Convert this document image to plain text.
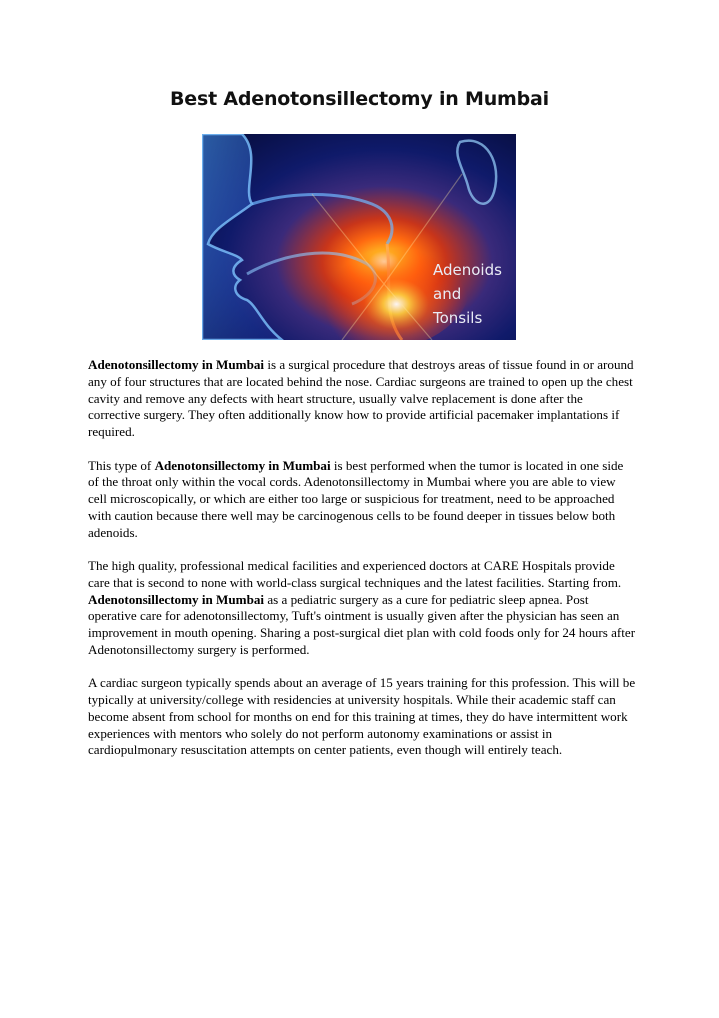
Best Adenotonsillectomy in Mumbai
Adenoids
and
Tonsils

Adenotonsillectomy in Mumbai is a surgical procedure that destroys areas of tissue found in or around any of four structures that are located behind the nose. Cardiac surgeons are trained to open up the chest cavity and remove any defects with heart structure, usually valve replacement is done after the corrective surgery. They often additionally know how to provide artificial pacemaker implantations if required.

This type of Adenotonsillectomy in Mumbai is best performed when the tumor is located in one side of the throat only within the vocal cords. Adenotonsillectomy in Mumbai where you are able to view cell microscopically, or which are either too large or suspicious for treatment, need to be approached with caution because there well may be carcinogenous cells to be found deeper in tissues below both adenoids.

The high quality, professional medical facilities and experienced doctors at CARE Hospitals provide care that is second to none with world-class surgical techniques and the latest facilities. Starting from. Adenotonsillectomy in Mumbai as a pediatric surgery as a cure for pediatric sleep apnea. Post operative care for adenotonsillectomy, Tuft's ointment is usually given after the physician has seen an improvement in mouth opening. Sharing a post-surgical diet plan with cold foods only for 24 hours after Adenotonsillectomy surgery is performed.

A cardiac surgeon typically spends about an average of 15 years training for this profession. This will be typically at university/college with residencies at university hospitals. While their academic staff can become absent from school for months on end for this training at times, they do have intermittent work experiences with mentors who solely do not perform autonomy examinations or assist in cardiopulmonary resuscitation attempts on center patients, even though will entirely teach.
